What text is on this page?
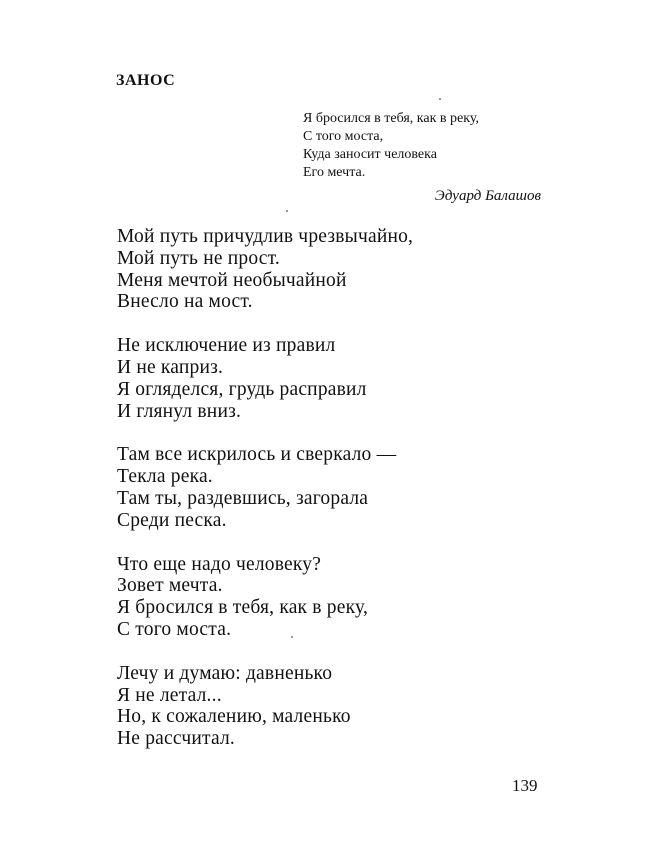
ЗАНОС
Я бросился в тебя, как в реку,
С того моста,
Куда заносит человека
Его мечта.

Эдуард Балашов

Мой путь причудлив чрезвычайно,
Мой путь не прост.
Меня мечтой необычайной
Внесло на мост.
Не исключение из правил
И не каприз.
Я огляделся, грудь расправил
И глянул вниз.
Там все искрилось и сверкало —
Текла река.
Там ты, раздевшись, загорала
Среди песка.
Что еще надо человеку?
Зовет мечта.
Я бросился в тебя, как в реку,
С того моста.
Лечу и думаю: давненько
Я не летал...
Но, к сожалению, маленько
Не рассчитал.

139
